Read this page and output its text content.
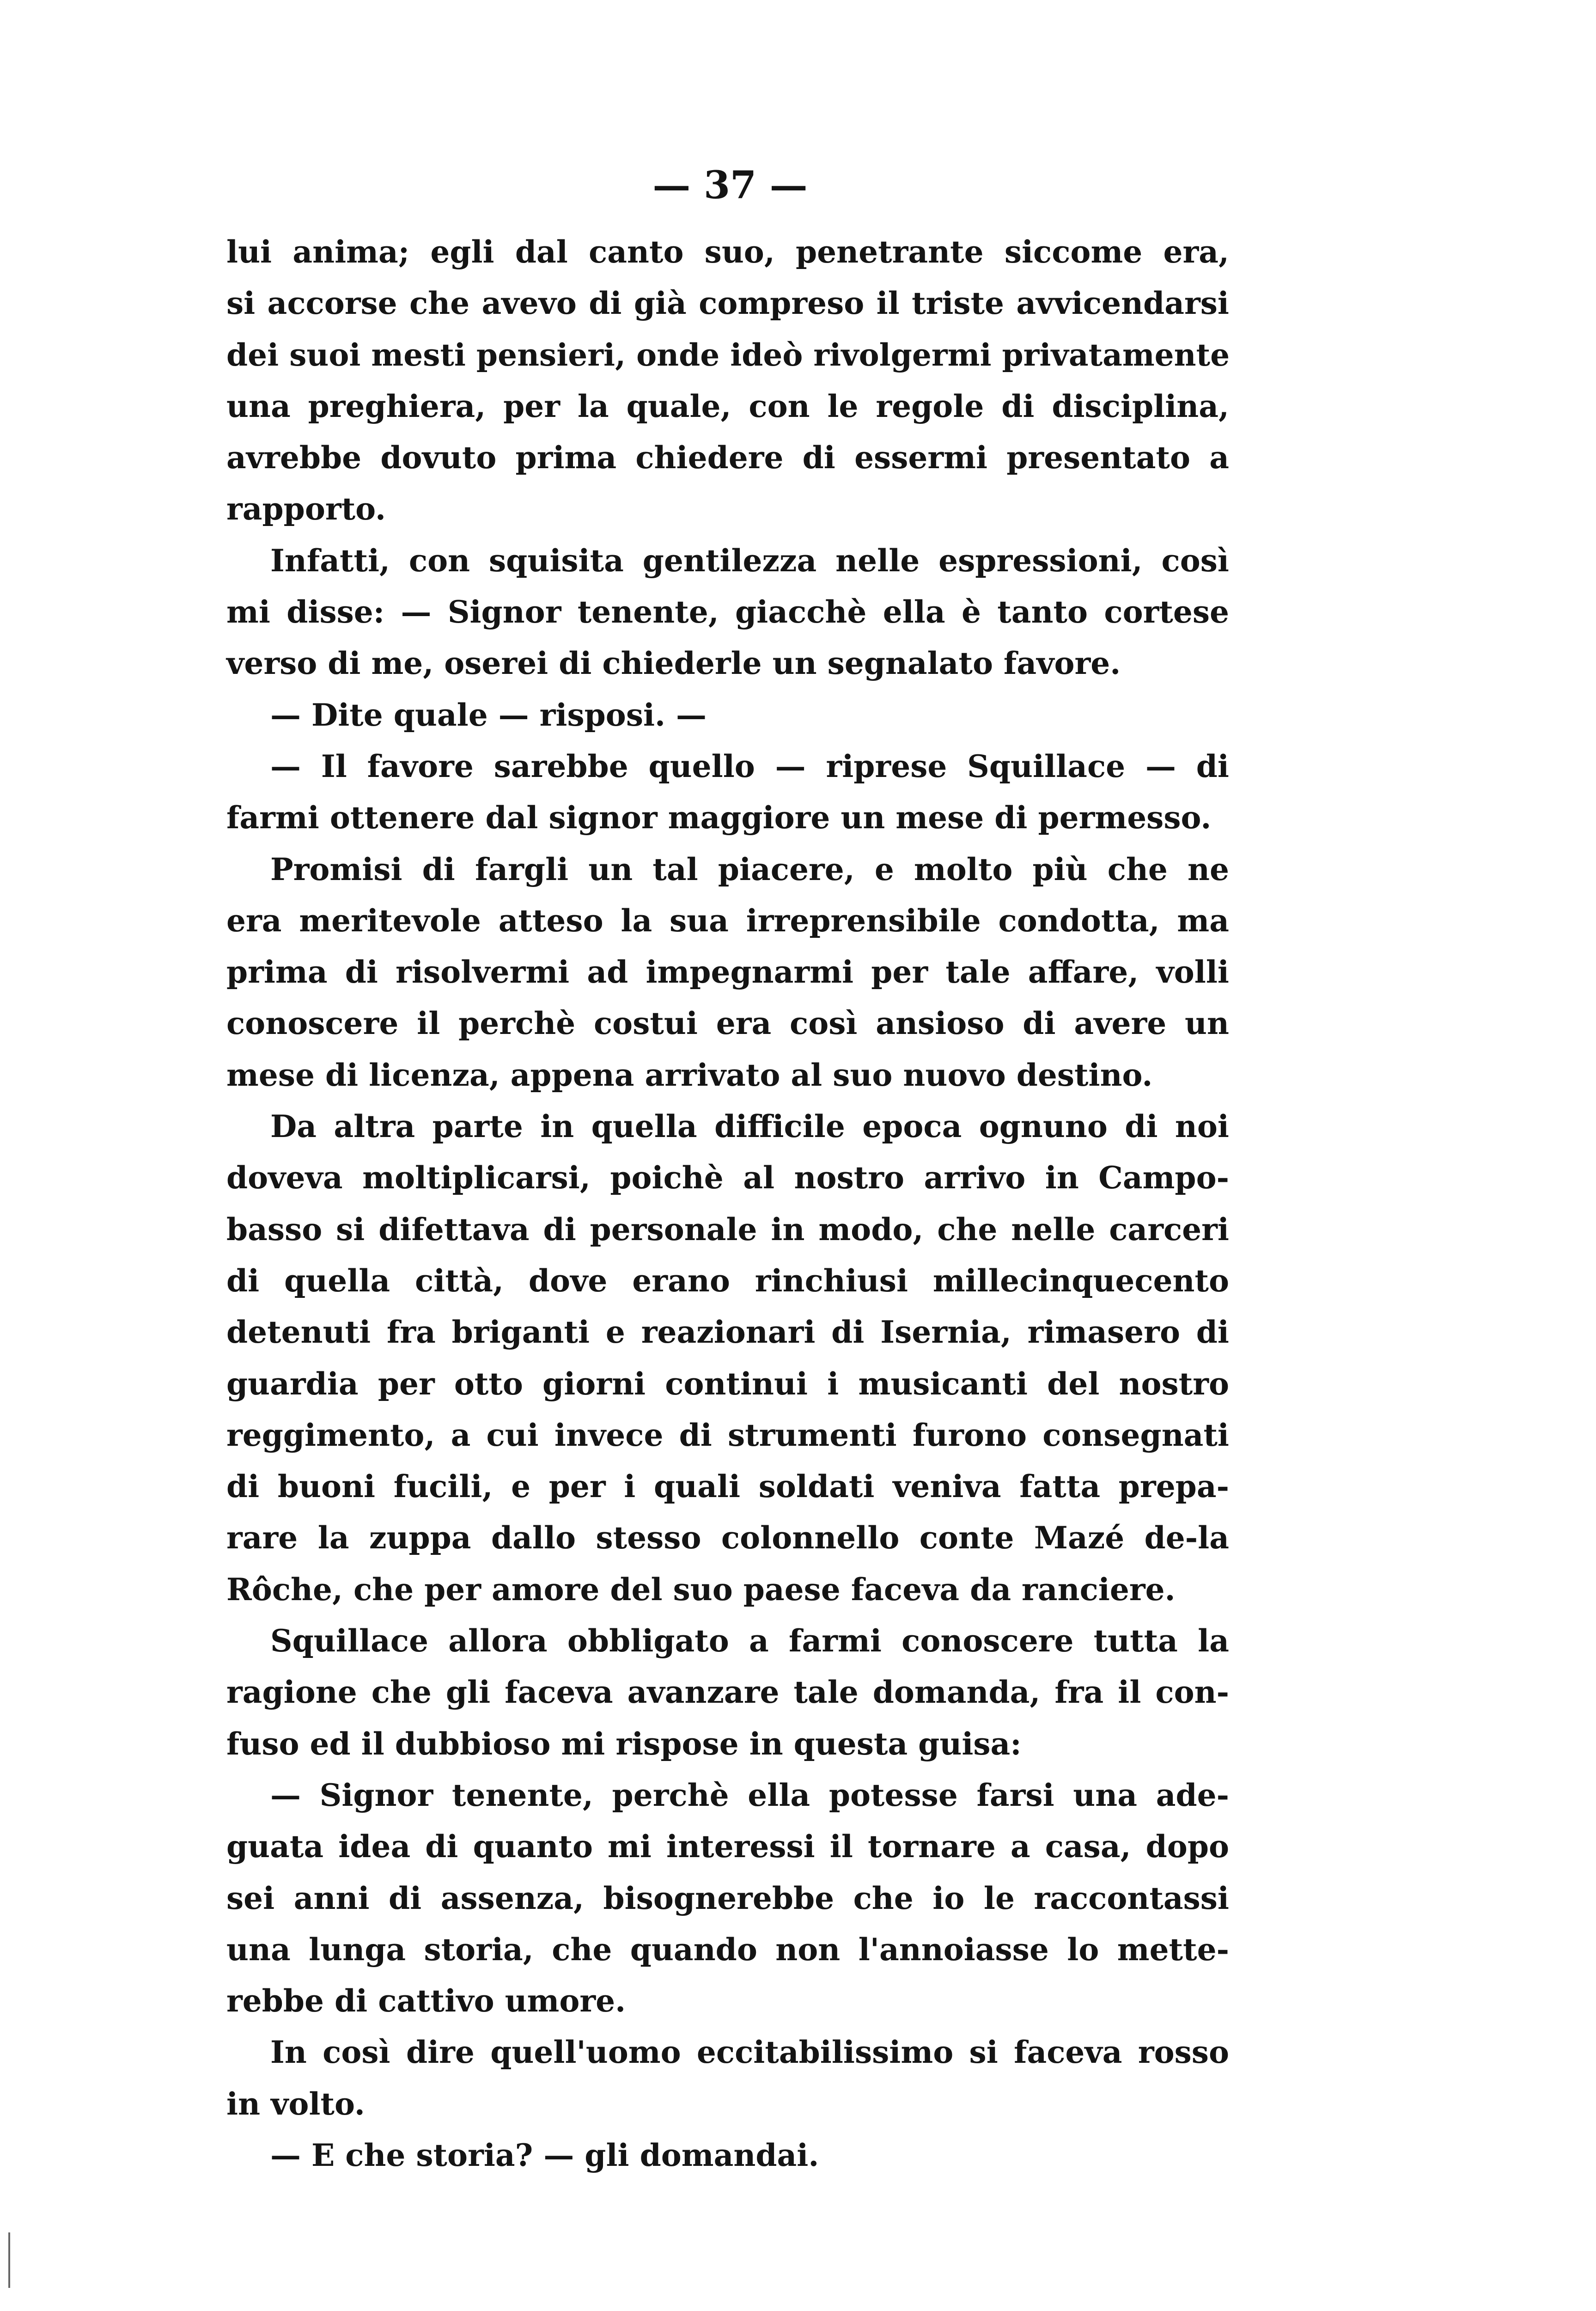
— 37 —
lui anima; egli dal canto suo, penetrante siccome era,
si accorse che avevo di già compreso il triste avvicendarsi
dei suoi mesti pensieri, onde ideò rivolgermi privatamente
una preghiera, per la quale, con le regole di disciplina,
avrebbe dovuto prima chiedere di essermi presentato a
rapporto.
Infatti, con squisita gentilezza nelle espressioni, così
mi disse: — Signor tenente, giacchè ella è tanto cortese
verso di me, oserei di chiederle un segnalato favore.
— Dite quale — risposi. —
— Il favore sarebbe quello — riprese Squillace — di
farmi ottenere dal signor maggiore un mese di permesso.
Promisi di fargli un tal piacere, e molto più che ne
era meritevole atteso la sua irreprensibile condotta, ma
prima di risolvermi ad impegnarmi per tale affare, volli
conoscere il perchè costui era così ansioso di avere un
mese di licenza, appena arrivato al suo nuovo destino.
Da altra parte in quella difficile epoca ognuno di noi
doveva moltiplicarsi, poichè al nostro arrivo in Campo-
basso si difettava di personale in modo, che nelle carceri
di quella città, dove erano rinchiusi millecinquecento
detenuti fra briganti e reazionari di Isernia, rimasero di
guardia per otto giorni continui i musicanti del nostro
reggimento, a cui invece di strumenti furono consegnati
di buoni fucili, e per i quali soldati veniva fatta prepa-
rare la zuppa dallo stesso colonnello conte Mazé de-la
Rôche, che per amore del suo paese faceva da ranciere.
Squillace allora obbligato a farmi conoscere tutta la
ragione che gli faceva avanzare tale domanda, fra il con-
fuso ed il dubbioso mi rispose in questa guisa:
— Signor tenente, perchè ella potesse farsi una ade-
guata idea di quanto mi interessi il tornare a casa, dopo
sei anni di assenza, bisognerebbe che io le raccontassi
una lunga storia, che quando non l'annoiasse lo mette-
rebbe di cattivo umore.
In così dire quell'uomo eccitabilissimo si faceva rosso
in volto.
— E che storia? — gli domandai.
